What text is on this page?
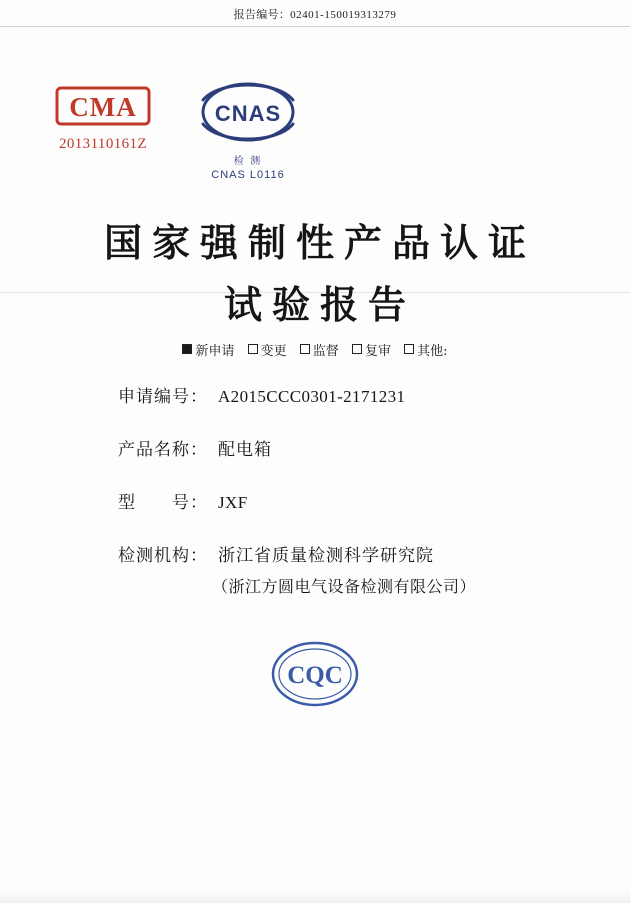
报告编号：02401-150019313279
CMA
2013110161Z
CNAS
检 测
CNAS L0116
国家强制性产品认证
试验报告
新申请 变更 监督 复审 其他:
申请编号： A2015CCC0301-2171231
产品名称： 配电箱
型　　号： JXF
检测机构： 浙江省质量检测科学研究院
（浙江方圆电气设备检测有限公司）
CQC
